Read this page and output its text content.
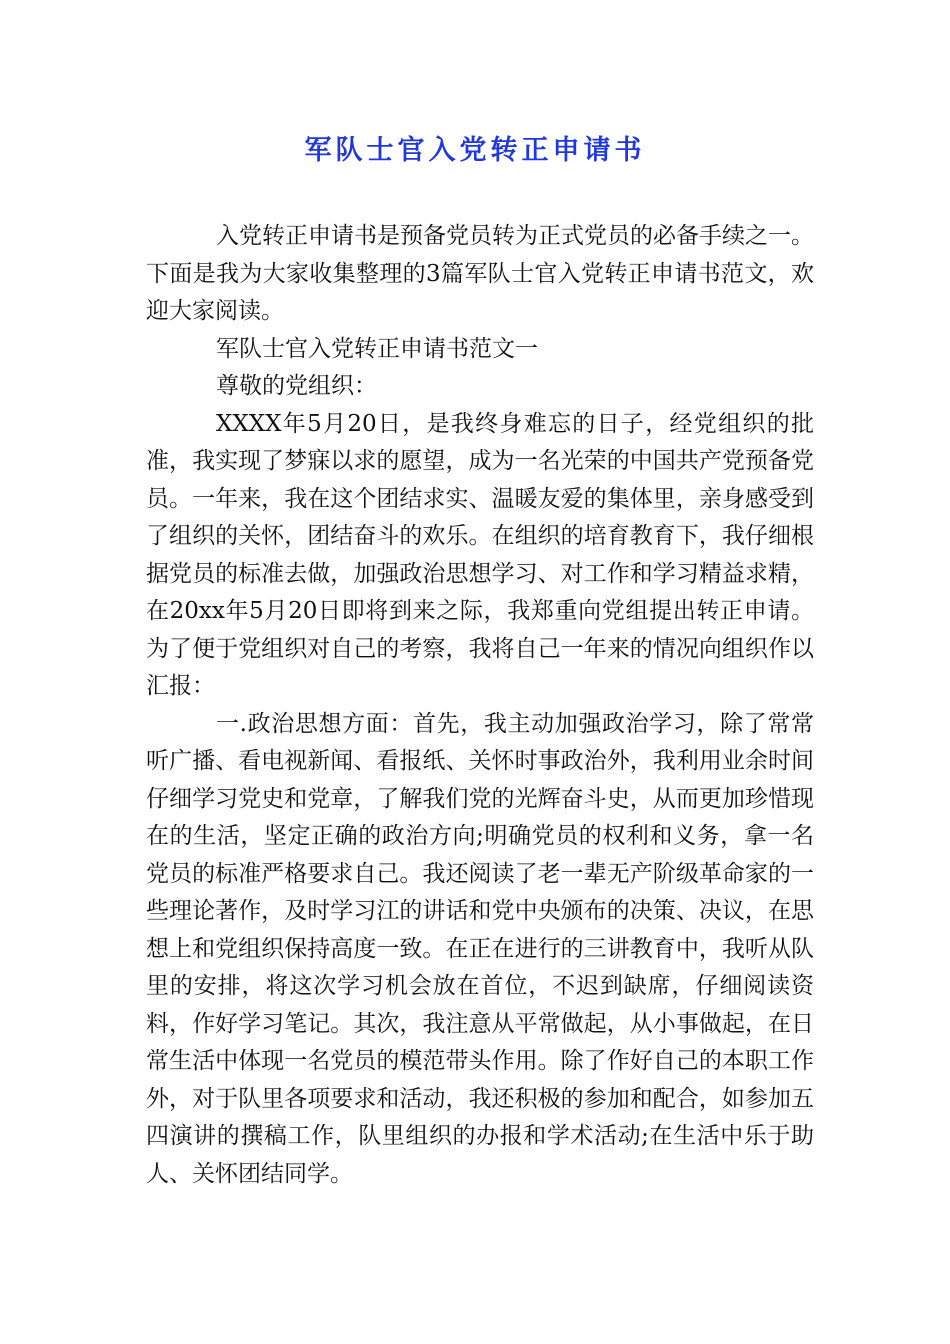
军队士官入党转正申请书

入党转正申请书是预备党员转为正式党员的必备手续之一。下面是我为大家收集整理的3篇军队士官入党转正申请书范文，欢迎大家阅读。

军队士官入党转正申请书范文一

尊敬的党组织：

XXXX年5月20日，是我终身难忘的日子，经党组织的批准，我实现了梦寐以求的愿望，成为一名光荣的中国共产党预备党员。一年来，我在这个团结求实、温暖友爱的集体里，亲身感受到了组织的关怀，团结奋斗的欢乐。在组织的培育教育下，我仔细根据党员的标准去做，加强政治思想学习、对工作和学习精益求精，在20xx年5月20日即将到来之际，我郑重向党组提出转正申请。为了便于党组织对自己的考察，我将自己一年来的情况向组织作以汇报：

一.政治思想方面：首先，我主动加强政治学习，除了常常听广播、看电视新闻、看报纸、关怀时事政治外，我利用业余时间仔细学习党史和党章，了解我们党的光辉奋斗史，从而更加珍惜现在的生活，坚定正确的政治方向;明确党员的权利和义务，拿一名党员的标准严格要求自己。我还阅读了老一辈无产阶级革命家的一些理论著作，及时学习江的讲话和党中央颁布的决策、决议，在思想上和党组织保持高度一致。在正在进行的三讲教育中，我听从队里的安排，将这次学习机会放在首位，不迟到缺席，仔细阅读资料，作好学习笔记。其次，我注意从平常做起，从小事做起，在日常生活中体现一名党员的模范带头作用。除了作好自己的本职工作外，对于队里各项要求和活动，我还积极的参加和配合，如参加五四演讲的撰稿工作，队里组织的办报和学术活动;在生活中乐于助人、关怀团结同学。
